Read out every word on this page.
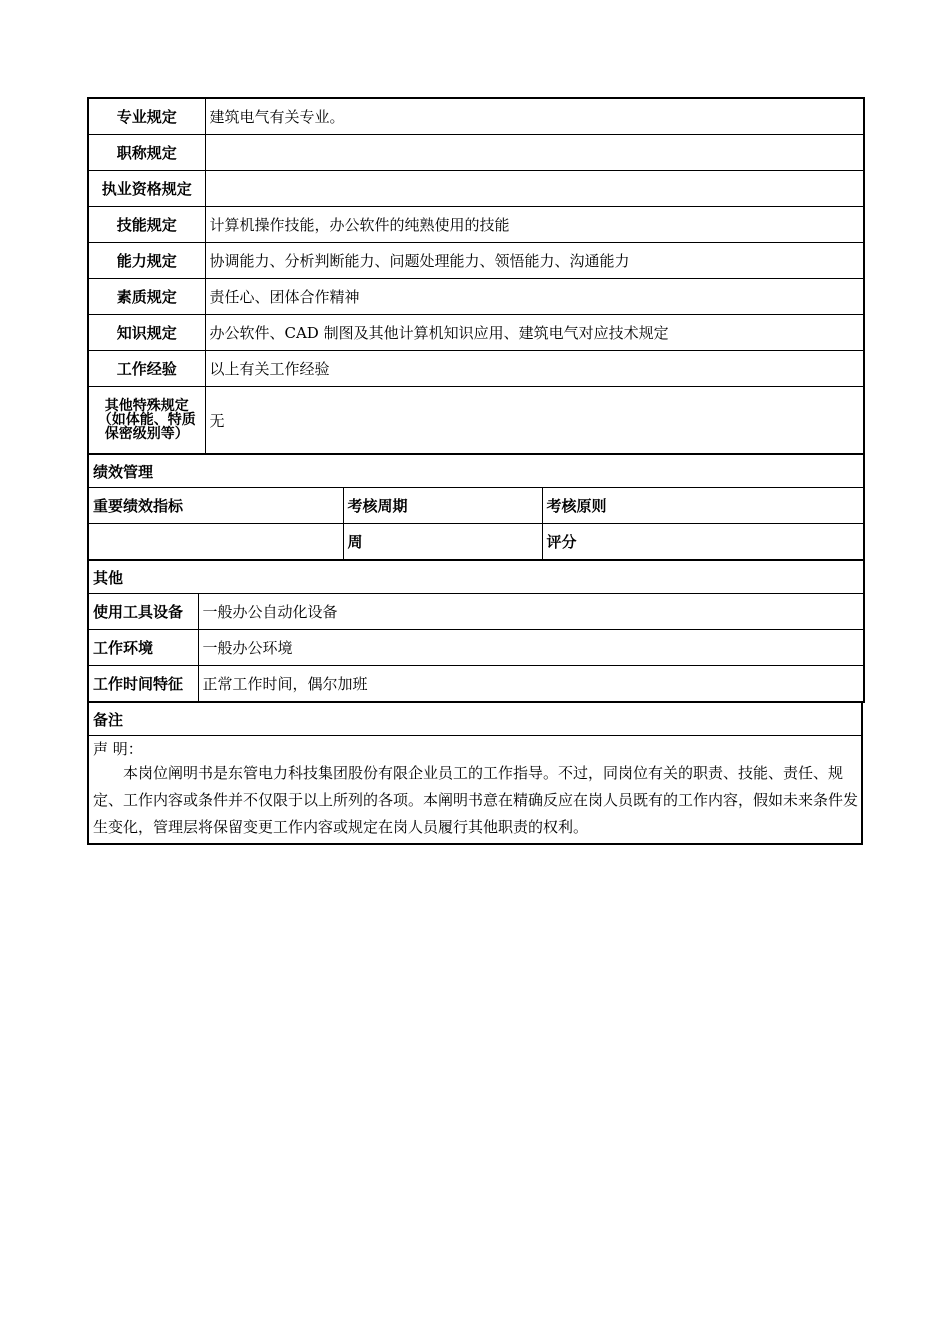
专业规定	建筑电气有关专业。
职称规定	
执业资格规定	
技能规定	计算机操作技能，办公软件的纯熟使用的技能
能力规定	协调能力、分析判断能力、问题处理能力、领悟能力、沟通能力
素质规定	责任心、团体合作精神
知识规定	办公软件、CAD 制图及其他计算机知识应用、建筑电气对应技术规定
工作经验	以上有关工作经验
其他特殊规定（如体能、特质保密级别等）	无
绩效管理		
重要绩效指标	考核周期	考核原则
	周	评分
其他	
使用工具设备	一般办公自动化设备
工作环境	一般办公环境
工作时间特征	正常工作时间，偶尔加班
备注

声 明：
本岗位阐明书是东管电力科技集团股份有限企业员工的工作指导。不过，同岗位有关的职责、技能、责任、规定、工作内容或条件并不仅限于以上所列的各项。本阐明书意在精确反应在岗人员既有的工作内容，假如未来条件发生变化，管理层将保留变更工作内容或规定在岗人员履行其他职责的权利。
